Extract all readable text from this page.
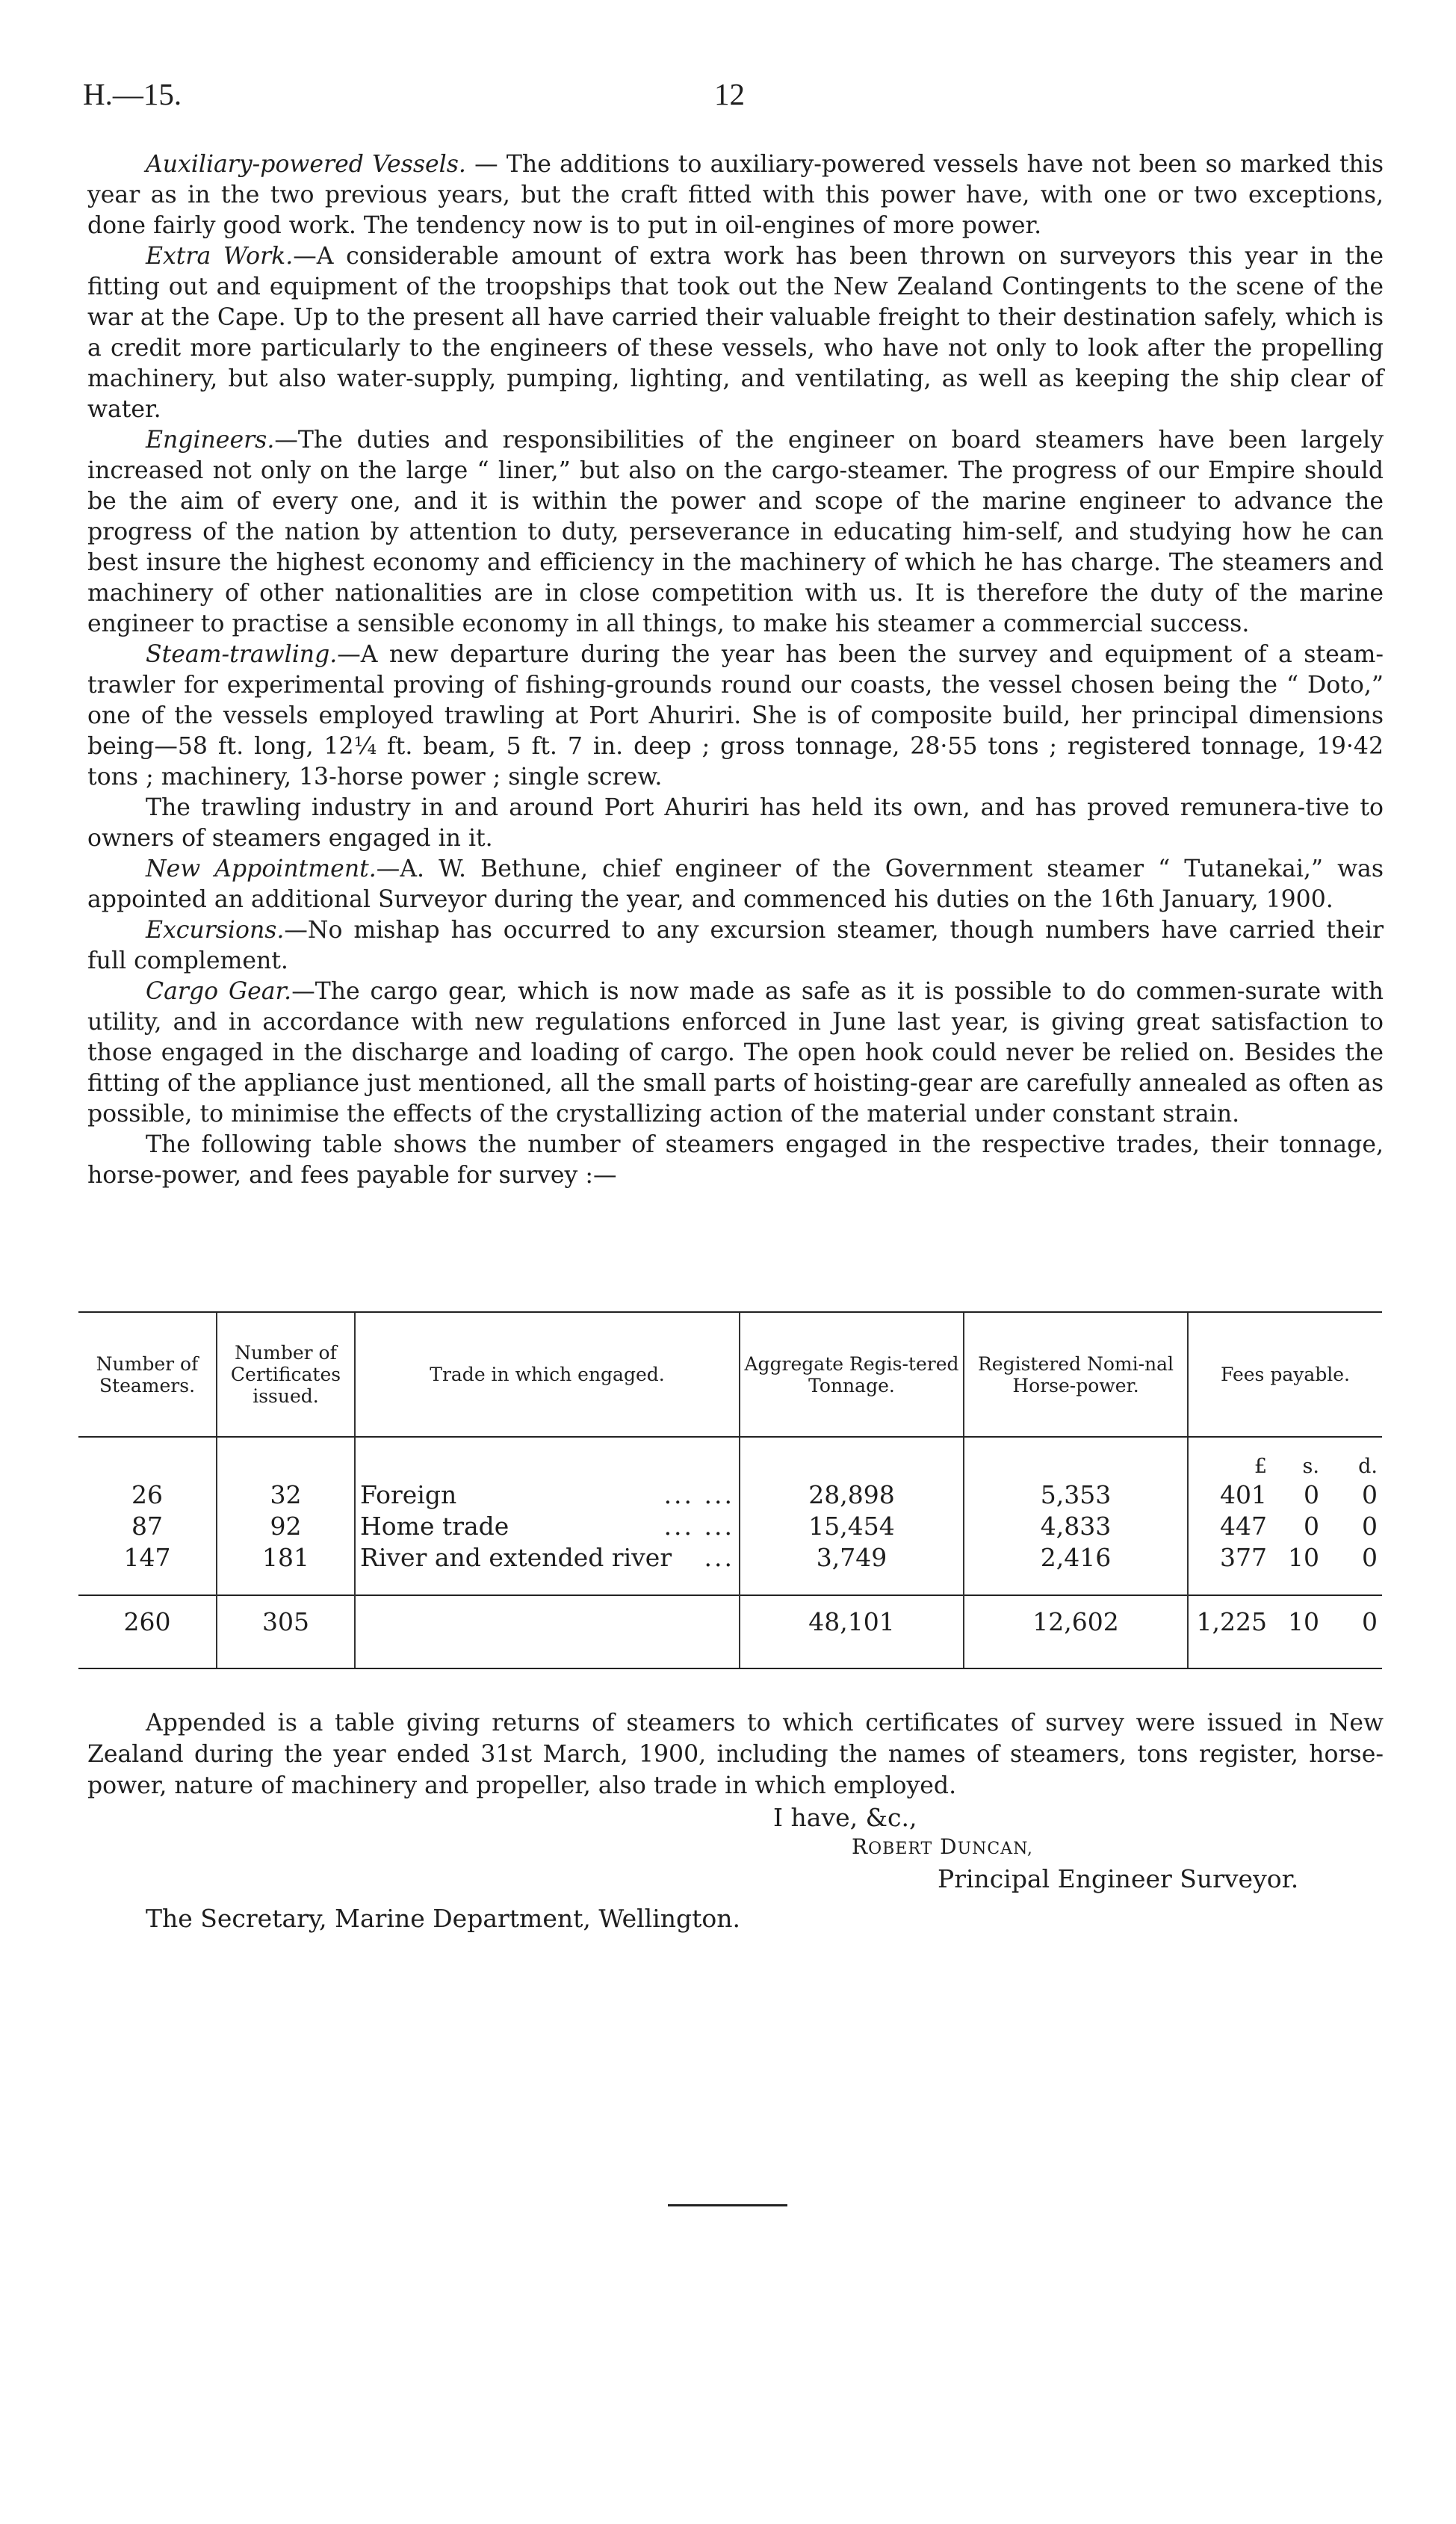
H.—15.	12

Auxiliary-powered Vessels. — The additions to auxiliary-powered vessels have not been so marked this year as in the two previous years, but the craft fitted with this power have, with one or two exceptions, done fairly good work. The tendency now is to put in oil-engines of more power.

Extra Work.—A considerable amount of extra work has been thrown on surveyors this year in the fitting out and equipment of the troopships that took out the New Zealand Contingents to the scene of the war at the Cape. Up to the present all have carried their valuable freight to their destination safely, which is a credit more particularly to the engineers of these vessels, who have not only to look after the propelling machinery, but also water-supply, pumping, lighting, and ventilating, as well as keeping the ship clear of water.

Engineers.—The duties and responsibilities of the engineer on board steamers have been largely increased not only on the large “ liner,” but also on the cargo-steamer. The progress of our Empire should be the aim of every one, and it is within the power and scope of the marine engineer to advance the progress of the nation by attention to duty, perseverance in educating him-self, and studying how he can best insure the highest economy and efficiency in the machinery of which he has charge. The steamers and machinery of other nationalities are in close competition with us. It is therefore the duty of the marine engineer to practise a sensible economy in all things, to make his steamer a commercial success.

Steam-trawling.—A new departure during the year has been the survey and equipment of a steam-trawler for experimental proving of fishing-grounds round our coasts, the vessel chosen being the “ Doto,” one of the vessels employed trawling at Port Ahuriri. She is of composite build, her principal dimensions being—58 ft. long, 12¼ ft. beam, 5 ft. 7 in. deep ; gross tonnage, 28·55 tons ; registered tonnage, 19·42 tons ; machinery, 13-horse power ; single screw.

The trawling industry in and around Port Ahuriri has held its own, and has proved remunera-tive to owners of steamers engaged in it.

New Appointment.—A. W. Bethune, chief engineer of the Government steamer “ Tutanekai,” was appointed an additional Surveyor during the year, and commenced his duties on the 16th January, 1900.

Excursions.—No mishap has occurred to any excursion steamer, though numbers have carried their full complement.

Cargo Gear.—The cargo gear, which is now made as safe as it is possible to do commen-surate with utility, and in accordance with new regulations enforced in June last year, is giving great satisfaction to those engaged in the discharge and loading of cargo. The open hook could never be relied on. Besides the fitting of the appliance just mentioned, all the small parts of hoisting-gear are carefully annealed as often as possible, to minimise the effects of the crystallizing action of the material under constant strain.

The following table shows the number of steamers engaged in the respective trades, their tonnage, horse-power, and fees payable for survey :—

Number of Steamers.	Number of Certificates issued.	Trade in which engaged.	Aggregate Regis-tered Tonnage.	Registered Nomi-nal Horse-power.	Fees payable.		
					£	s.	d.
26	32	Foreign ... ...	28,898	5,353	401	0	0
87	92	Home trade ... ...	15,454	4,833	447	0	0
147	181	River and extended river ...	3,749	2,416	377	10	0

260	305		48,101	12,602	1,225	10	0

Appended is a table giving returns of steamers to which certificates of survey were issued in New Zealand during the year ended 31st March, 1900, including the names of steamers, tons register, horse-power, nature of machinery and propeller, also trade in which employed.

I have, &c.,
ROBERT DUNCAN,
Principal Engineer Surveyor.
The Secretary, Marine Department, Wellington.
